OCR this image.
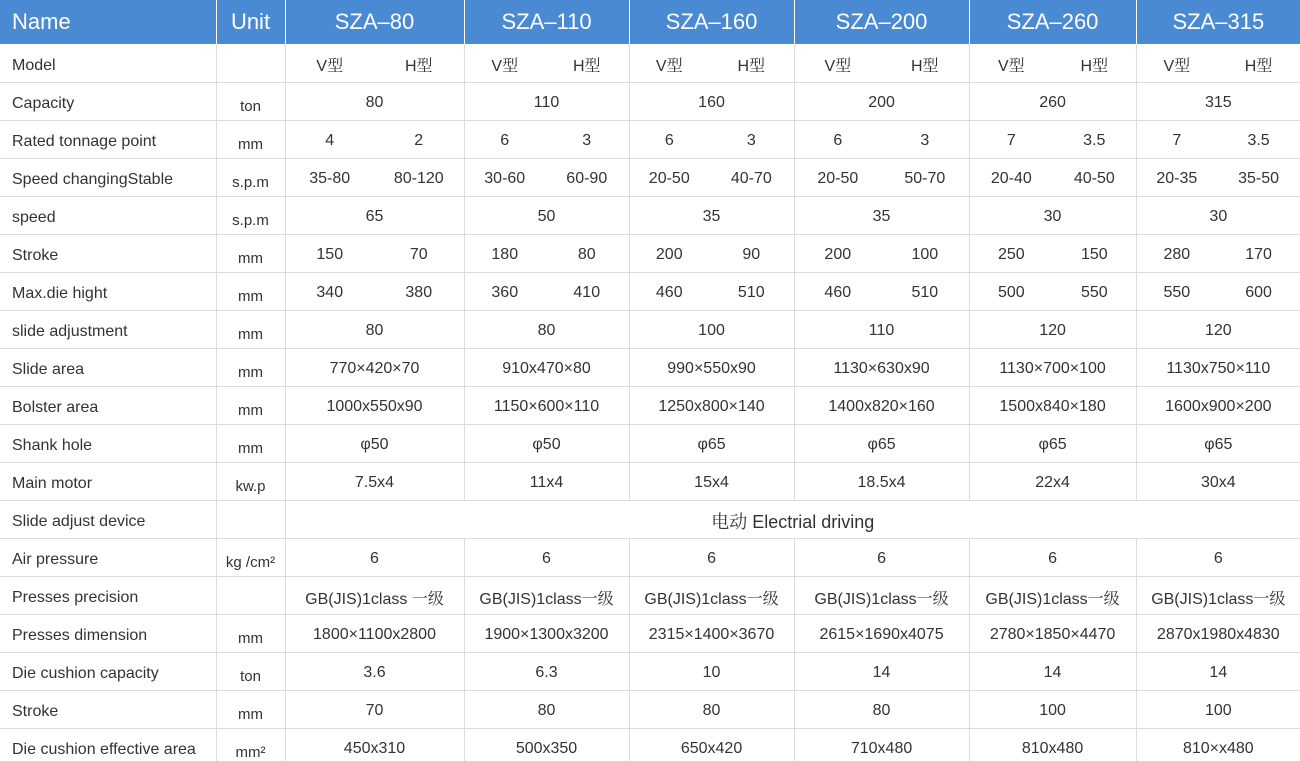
Name	Unit	SZA–80		SZA–110		SZA–160		SZA–200		SZA–260		SZA–315	
Model		V型	H型	V型	H型	V型	H型	V型	H型	V型	H型	V型	H型
Capacity	ton	80		110		160		200		260		315	
Rated tonnage point	mm	4	2	6	3	6	3	6	3	7	3.5	7	3.5
Speed changingStable	s.p.m	35-80	80-120	30-60	60-90	20-50	40-70	20-50	50-70	20-40	40-50	20-35	35-50
speed	s.p.m	65		50		35		35		30		30	
Stroke	mm	150	70	180	80	200	90	200	100	250	150	280	170
Max.die hight	mm	340	380	360	410	460	510	460	510	500	550	550	600
slide adjustment	mm	80		80		100		110		120		120	
Slide area	mm	770×420×70		910x470×80		990×550x90		1130×630x90		1130×700×100		1130x750×110	
Bolster area	mm	1000x550x90		1150×600×110		1250x800×140		1400x820×160		1500x840×180		1600x900×200	
Shank hole	mm	φ50		φ50		φ65		φ65		φ65		φ65	
Main motor	kw.p	7.5x4		11x4		15x4		18.5x4		22x4		30x4	
Slide adjust device		电动 Electrial driving											
Air pressure	kg /cm²	6		6		6		6		6		6	
Presses precision		GB(JIS)1class 一级		GB(JIS)1class一级		GB(JIS)1class一级		GB(JIS)1class一级		GB(JIS)1class一级		GB(JIS)1class一级	
Presses dimension	mm	1800×1100x2800		1900×1300x3200		2315×1400×3670		2615×1690x4075		2780×1850×4470		2870x1980x4830	
Die cushion capacity	ton	3.6		6.3		10		14		14		14	
Stroke	mm	70		80		80		80		100		100	
Die cushion effective area	mm²	450x310		500x350		650x420		710x480		810x480		810×x480	
